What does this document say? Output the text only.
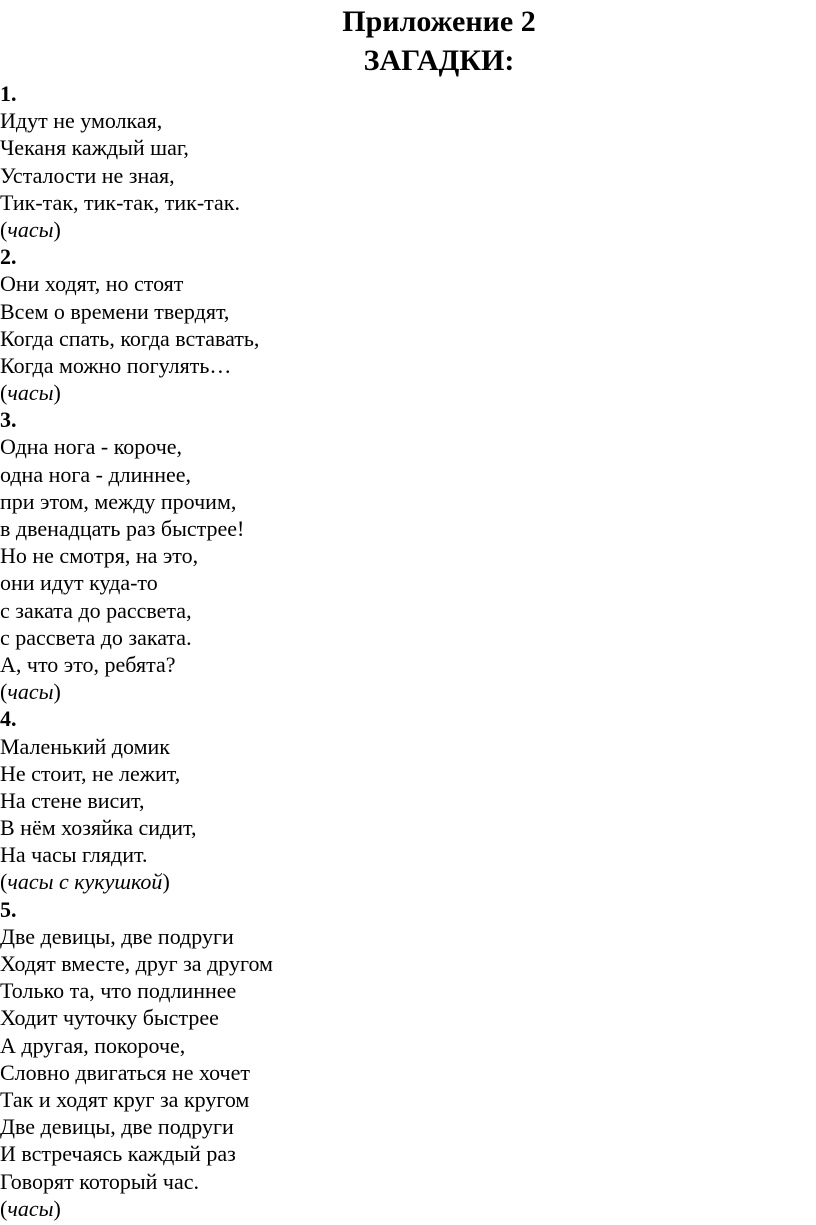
Приложение 2
ЗАГАДКИ:
1.
Идут не умолкая,
Чеканя каждый шаг,
Усталости не зная,
Тик-так, тик-так, тик-так.
(часы)
2.
Они ходят, но стоят
Всем о времени твердят,
Когда спать, когда вставать,
Когда можно погулять…
(часы)
3.
Одна нога - короче,
одна нога - длиннее,
при этом, между прочим,
в двенадцать раз быстрее!
Но не смотря, на это,
они идут куда-то
с заката до рассвета,
с рассвета до заката.
А, что это, ребята?
(часы)
4.
Маленький домик
Не стоит, не лежит,
На стене висит,
В нём хозяйка сидит,
На часы глядит.
(часы с кукушкой)
5.
Две девицы, две подруги
Ходят вместе, друг за другом
Только та, что подлиннее
Ходит чуточку быстрее
А другая, покороче,
Словно двигаться не хочет
Так и ходят круг за кругом
Две девицы, две подруги
И встречаясь каждый раз
Говорят который час.
(часы)
